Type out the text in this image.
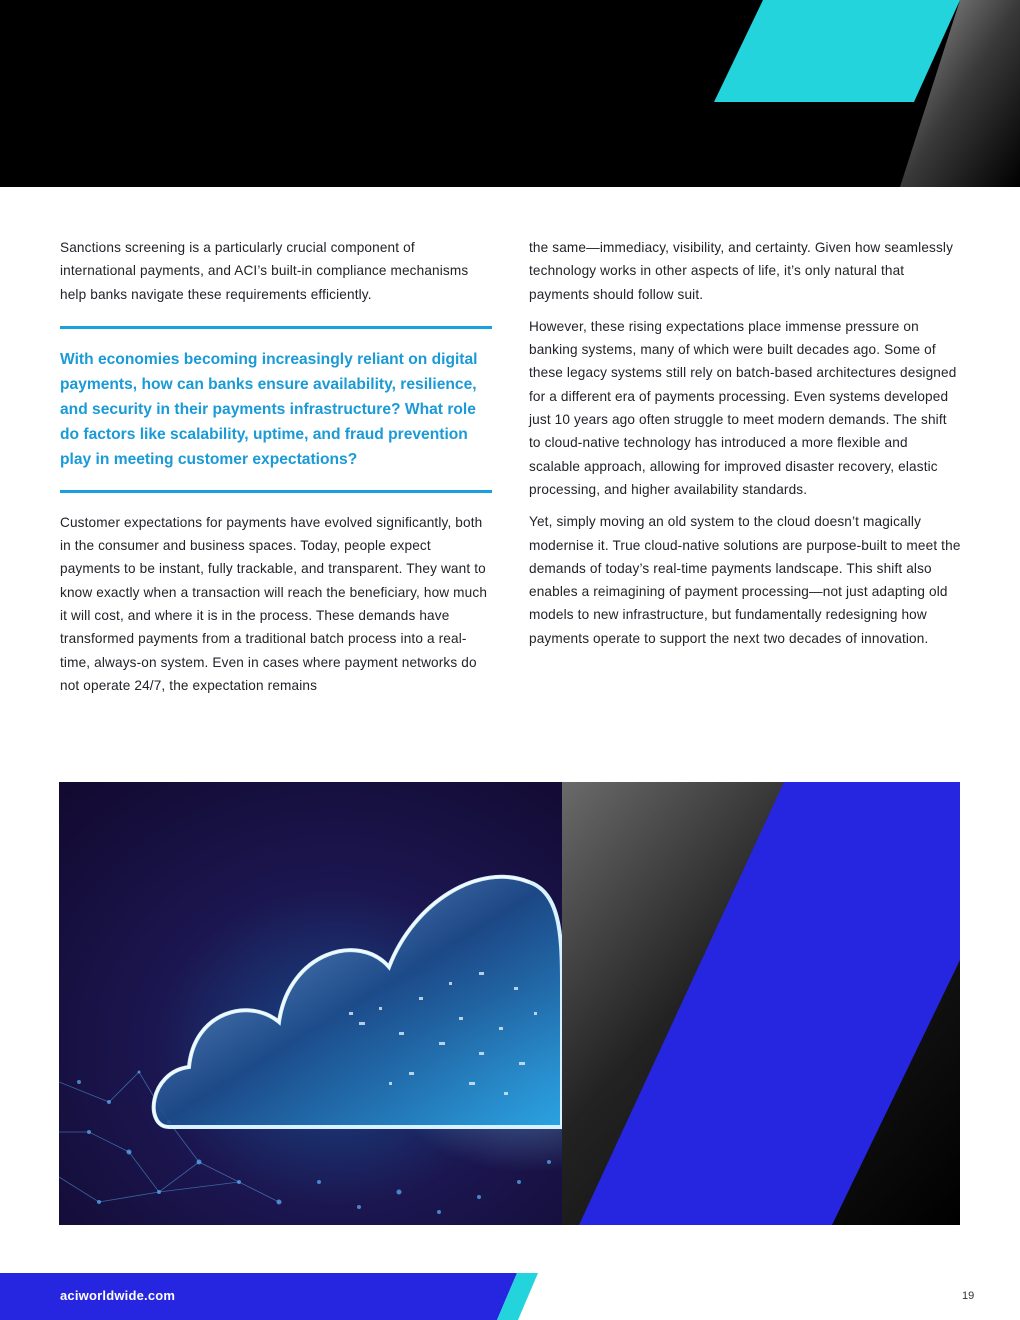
Sanctions screening is a particularly crucial component of international payments, and ACI’s built-in compliance mechanisms help banks navigate these requirements efficiently.

With economies becoming increasingly reliant on digital payments, how can banks ensure availability, resilience, and security in their payments infrastructure? What role do factors like scalability, uptime, and fraud prevention play in meeting customer expectations?

Customer expectations for payments have evolved significantly, both in the consumer and business spaces. Today, people expect payments to be instant, fully trackable, and transparent. They want to know exactly when a transaction will reach the beneficiary, how much it will cost, and where it is in the process. These demands have transformed payments from a traditional batch process into a real-time, always-on system. Even in cases where payment networks do not operate 24/7, the expectation remains

the same—immediacy, visibility, and certainty. Given how seamlessly technology works in other aspects of life, it’s only natural that payments should follow suit.

However, these rising expectations place immense pressure on banking systems, many of which were built decades ago. Some of these legacy systems still rely on batch-based architectures designed for a different era of payments processing. Even systems developed just 10 years ago often struggle to meet modern demands. The shift to cloud-native technology has introduced a more flexible and scalable approach, allowing for improved disaster recovery, elastic processing, and higher availability standards.

Yet, simply moving an old system to the cloud doesn’t magically modernise it. True cloud-native solutions are purpose-built to meet the demands of today’s real-time payments landscape. This shift also enables a reimagining of payment processing—not just adapting old models to new infrastructure, but fundamentally redesigning how payments operate to support the next two decades of innovation.

aciworldwide.com	19
